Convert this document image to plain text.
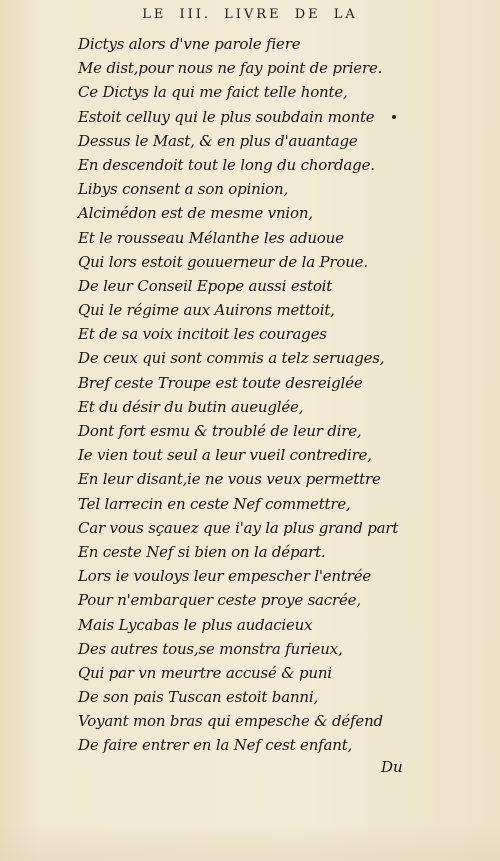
LE III. LIVRE DE LA
Dictys alors d'vne parole fiere
Me dist,pour nous ne fay point de priere.
Ce Dictys la qui me faict telle honte,
Estoit celluy qui le plus soubdain monte
Dessus le Mast, & en plus d'auantage
En descendoit tout le long du chordage.
Libys consent a son opinion,
Alcimédon est de mesme vnion,
Et le rousseau Mélanthe les aduoue
Qui lors estoit gouuerneur de la Proue.
De leur Conseil Epope aussi estoit
Qui le régime aux Auirons mettoit,
Et de sa voix incitoit les courages
De ceux qui sont commis a telz seruages,
Bref ceste Troupe est toute desreiglée
Et du désir du butin aueuglée,
Dont fort esmu & troublé de leur dire,
Ie vien tout seul a leur vueil contredire,
En leur disant,ie ne vous veux permettre
Tel larrecin en ceste Nef commettre,
Car vous sçauez que i'ay la plus grand part
En ceste Nef si bien on la départ.
Lors ie vouloys leur empescher l'entrée
Pour n'embarquer ceste proye sacrée,
Mais Lycabas le plus audacieux
Des autres tous,se monstra furieux,
Qui par vn meurtre accusé & puni
De son pais Tuscan estoit banni,
Voyant mon bras qui empesche & défend
De faire entrer en la Nef cest enfant,
Du
